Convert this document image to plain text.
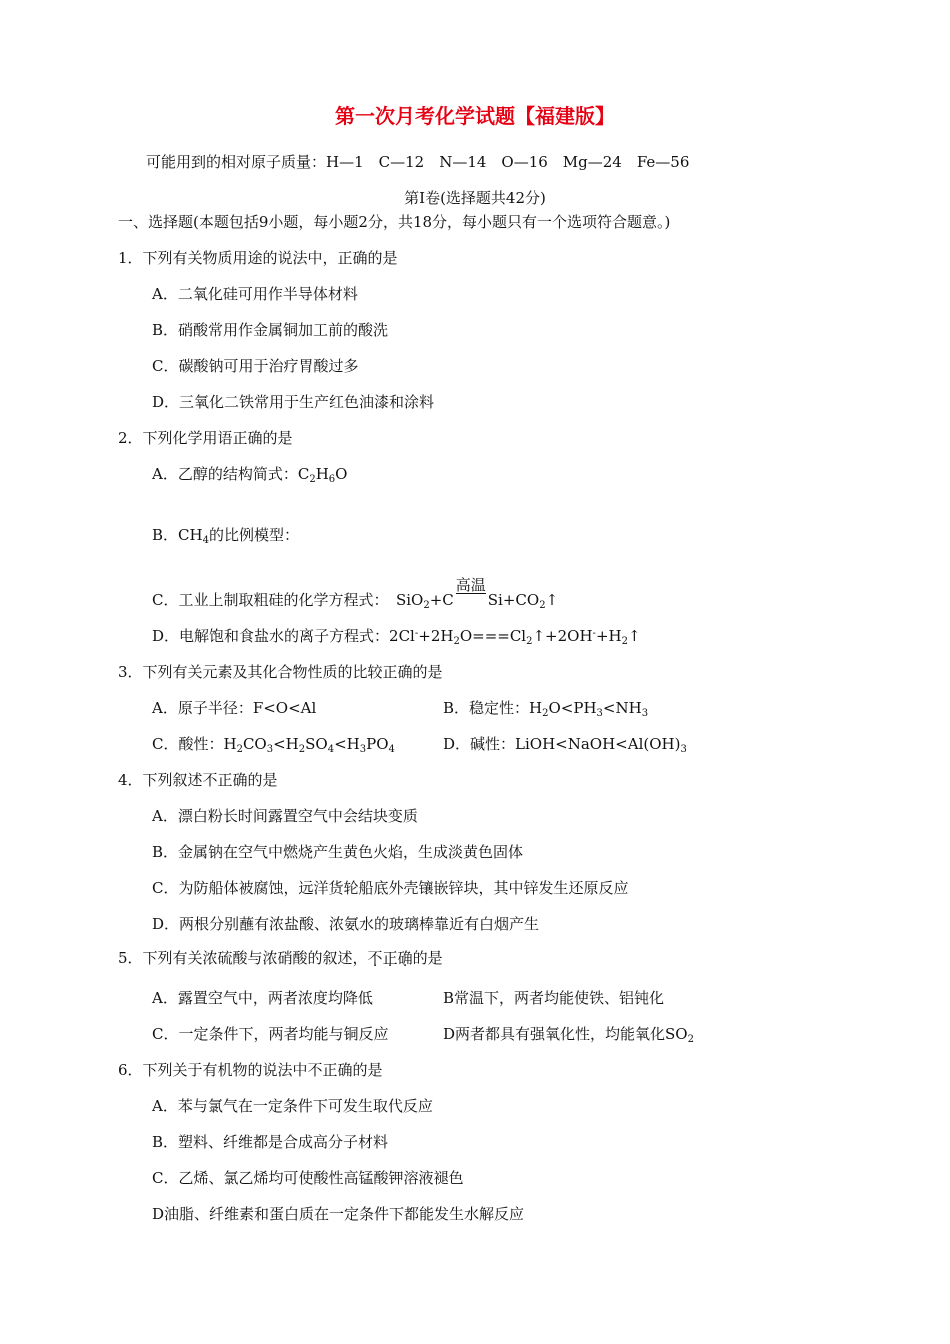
第一次月考化学试题【福建版】
可能用到的相对原子质量：H—1　C—12　N—14　O—16　Mg—24　Fe—56
第Ⅰ卷(选择题共42分)
一、选择题(本题包括9小题，每小题2分，共18分，每小题只有一个选项符合题意。)
1．下列有关物质用途的说法中，正确的是
A．二氧化硅可用作半导体材料
B．硝酸常用作金属铜加工前的酸洗
C．碳酸钠可用于治疗胃酸过多
D．三氧化二铁常用于生产红色油漆和涂料
2．下列化学用语正确的是
A．乙醇的结构简式：$C_2H_6O$
B．$CH_4$的比例模型：
C．工业上制取粗硅的化学方程式：　SiO$_2$+C
高温
  $Si+CO_2↑$
D．电解饱和食盐水的离子方程式：$2Cl^-+2H_2O===Cl_2↑+2OH^-+H_2↑$
3．下列有关元素及其化合物性质的比较正确的是
A．原子半径：F<O<Al	B．稳定性：$H_2O<PH_3<NH_3$
C．酸性：$H_2CO_3<H_2SO_4<H_3PO_4$	D．碱性：$LiOH<NaOH<Al(OH)_3$
4．下列叙述不正确的是
A．漂白粉长时间露置空气中会结块变质
B．金属钠在空气中燃烧产生黄色火焰，生成淡黄色固体
C．为防船体被腐蚀，远洋货轮船底外壳镶嵌锌块，其中锌发生还原反应
D．两根分别蘸有浓盐酸、浓氨水的玻璃棒靠近有白烟产生
5．下列有关浓硫酸与浓硝酸的叙述，不正确的是
A．露置空气中，两者浓度均降低	B常温下，两者均能使铁、铝钝化
C．一定条件下，两者均能与铜反应	D两者都具有强氧化性，均能氧化$SO_2$
6．下列关于有机物的说法中不正确的是
A．苯与氯气在一定条件下可发生取代反应
B．塑料、纤维都是合成高分子材料
C．乙烯、氯乙烯均可使酸性高锰酸钾溶液褪色
D油脂、纤维素和蛋白质在一定条件下都能发生水解反应
